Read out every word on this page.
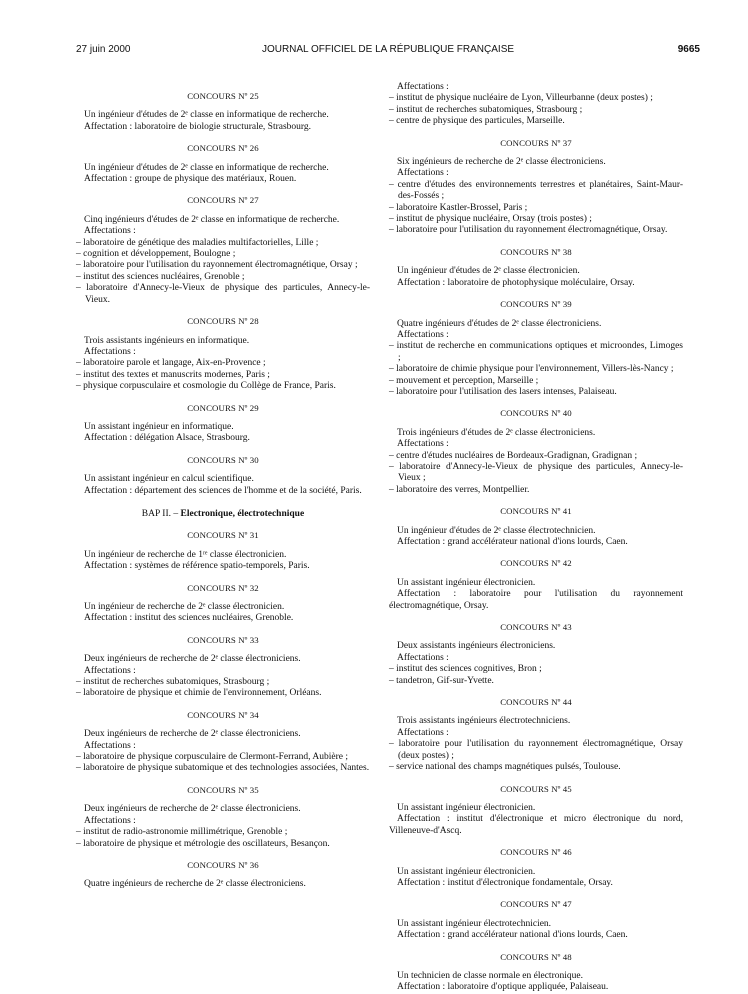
27 juin 2000	JOURNAL OFFICIEL DE LA RÉPUBLIQUE FRANÇAISE	9665
CONCOURS Nº 25

Un ingénieur d'études de 2ᵉ classe en informatique de recherche.

Affectation : laboratoire de biologie structurale, Strasbourg.

CONCOURS Nº 26

Un ingénieur d'études de 2ᵉ classe en informatique de recherche.

Affectation : groupe de physique des matériaux, Rouen.

CONCOURS Nº 27

Cinq ingénieurs d'études de 2ᵉ classe en informatique de recherche.

Affectations :

– laboratoire de génétique des maladies multifactorielles, Lille ;

– cognition et développement, Boulogne ;

– laboratoire pour l'utilisation du rayonnement électromagnétique, Orsay ;

– institut des sciences nucléaires, Grenoble ;

– laboratoire d'Annecy-le-Vieux de physique des particules, Annecy-le-Vieux.

CONCOURS Nº 28

Trois assistants ingénieurs en informatique.

Affectations :

– laboratoire parole et langage, Aix-en-Provence ;

– institut des textes et manuscrits modernes, Paris ;

– physique corpusculaire et cosmologie du Collège de France, Paris.

CONCOURS Nº 29

Un assistant ingénieur en informatique.

Affectation : délégation Alsace, Strasbourg.

CONCOURS Nº 30

Un assistant ingénieur en calcul scientifique.

Affectation : département des sciences de l'homme et de la société, Paris.

BAP II. – Electronique, électrotechnique
CONCOURS Nº 31

Un ingénieur de recherche de 1ʳᵉ classe électronicien.

Affectation : systèmes de référence spatio-temporels, Paris.

CONCOURS Nº 32

Un ingénieur de recherche de 2ᵉ classe électronicien.

Affectation : institut des sciences nucléaires, Grenoble.

CONCOURS Nº 33

Deux ingénieurs de recherche de 2ᵉ classe électroniciens.

Affectations :

– institut de recherches subatomiques, Strasbourg ;

– laboratoire de physique et chimie de l'environnement, Orléans.

CONCOURS Nº 34

Deux ingénieurs de recherche de 2ᵉ classe électroniciens.

Affectations :

– laboratoire de physique corpusculaire de Clermont-Ferrand, Aubière ;

– laboratoire de physique subatomique et des technologies associées, Nantes.

CONCOURS Nº 35

Deux ingénieurs de recherche de 2ᵉ classe électroniciens.

Affectations :

– institut de radio-astronomie millimétrique, Grenoble ;

– laboratoire de physique et métrologie des oscillateurs, Besançon.

CONCOURS Nº 36

Quatre ingénieurs de recherche de 2ᵉ classe électroniciens.

Affectations :

– institut de physique nucléaire de Lyon, Villeurbanne (deux postes) ;

– institut de recherches subatomiques, Strasbourg ;

– centre de physique des particules, Marseille.

CONCOURS Nº 37

Six ingénieurs de recherche de 2ᵉ classe électroniciens.

Affectations :

– centre d'études des environnements terrestres et planétaires, Saint-Maur-des-Fossés ;

– laboratoire Kastler-Brossel, Paris ;

– institut de physique nucléaire, Orsay (trois postes) ;

– laboratoire pour l'utilisation du rayonnement électromagnétique, Orsay.

CONCOURS Nº 38

Un ingénieur d'études de 2ᵉ classe électronicien.

Affectation : laboratoire de photophysique moléculaire, Orsay.

CONCOURS Nº 39

Quatre ingénieurs d'études de 2ᵉ classe électroniciens.

Affectations :

– institut de recherche en communications optiques et microondes, Limoges ;

– laboratoire de chimie physique pour l'environnement, Villers-lès-Nancy ;

– mouvement et perception, Marseille ;

– laboratoire pour l'utilisation des lasers intenses, Palaiseau.

CONCOURS Nº 40

Trois ingénieurs d'études de 2ᵉ classe électroniciens.

Affectations :

– centre d'études nucléaires de Bordeaux-Gradignan, Gradignan ;

– laboratoire d'Annecy-le-Vieux de physique des particules, Annecy-le-Vieux ;

– laboratoire des verres, Montpellier.

CONCOURS Nº 41

Un ingénieur d'études de 2ᵉ classe électrotechnicien.

Affectation : grand accélérateur national d'ions lourds, Caen.

CONCOURS Nº 42

Un assistant ingénieur électronicien.

Affectation : laboratoire pour l'utilisation du rayonnement électromagnétique, Orsay.

CONCOURS Nº 43

Deux assistants ingénieurs électroniciens.

Affectations :

– institut des sciences cognitives, Bron ;

– tandetron, Gif-sur-Yvette.

CONCOURS Nº 44

Trois assistants ingénieurs électrotechniciens.

Affectations :

– laboratoire pour l'utilisation du rayonnement électromagnétique, Orsay (deux postes) ;

– service national des champs magnétiques pulsés, Toulouse.

CONCOURS Nº 45

Un assistant ingénieur électronicien.

Affectation : institut d'électronique et micro électronique du nord, Villeneuve-d'Ascq.

CONCOURS Nº 46

Un assistant ingénieur électronicien.

Affectation : institut d'électronique fondamentale, Orsay.

CONCOURS Nº 47

Un assistant ingénieur électrotechnicien.

Affectation : grand accélérateur national d'ions lourds, Caen.

CONCOURS Nº 48

Un technicien de classe normale en électronique.

Affectation : laboratoire d'optique appliquée, Palaiseau.
